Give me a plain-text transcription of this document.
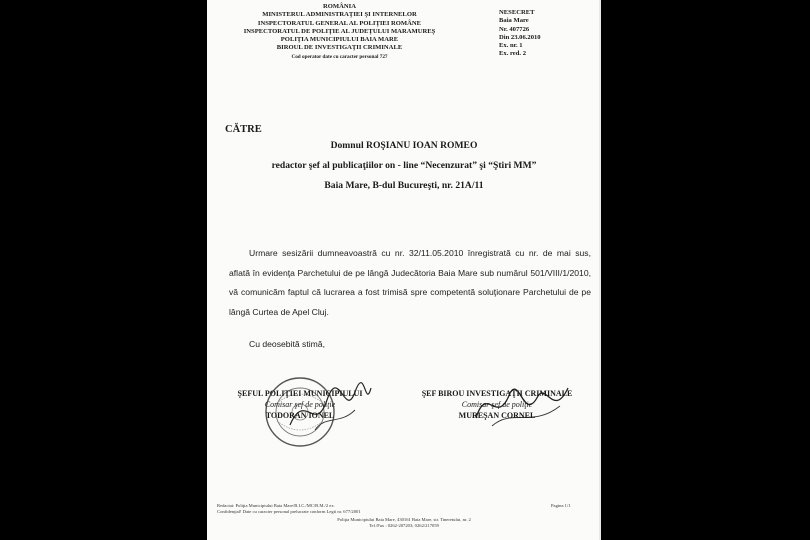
ROMÂNIA
MINISTERUL ADMINISTRAŢIEI ŞI INTERNELOR
INSPECTORATUL GENERAL AL POLIŢIEI ROMÂNE
INSPECTORATUL DE POLIŢIE AL JUDEŢULUI MARAMUREŞ
POLIŢIA MUNICIPIULUI BAIA MARE
BIROUL DE INVESTIGAŢII CRIMINALE
Cod operator date cu caracter personal 727
NESECRET
Baia Mare
Nr. 407726
Din 23.06.2010
Ex. nr. 1
Ex. red. 2
CĂTRE
Domnul ROŞIANU IOAN ROMEO
redactor şef al publicaţiilor on - line “Necenzurat” şi “Ştiri MM”
Baia Mare, B-dul Bucureşti, nr. 21A/11

Urmare sesizării dumneavoastră cu nr. 32/11.05.2010 înregistrată cu nr. de mai sus, aflată în evidenţa Parchetului de pe lângă Judecătoria Baia Mare sub numărul 501/VIII/1/2010, vă comunicăm faptul că lucrarea a fost trimisă spre competentă soluţionare Parchetului de pe lângă Curtea de Apel Cluj.

Cu deosebită stimă,
ŞEFUL POLIŢIEI MUNICIPIULUI
Comisar şef de poliţie
TODORAN IONEL
ŞEF BIROU INVESTIGAŢII CRIMINALE
Comisar şef de poliţie
MUREŞAN CORNEL
Redactat: Poliţia Municipiului Baia Mare/B.I.C./MC/B.M./2 ex.
Confidenţial! Date cu caracter personal prelucrate conform Legii nr. 677/2001
Pagina 1/1
Poliţia Municipiului Baia Mare, 430161 Baia Mare, str. Tineretului, nr. 2
Tel./Fax : 0262-207203; 0262/217059
